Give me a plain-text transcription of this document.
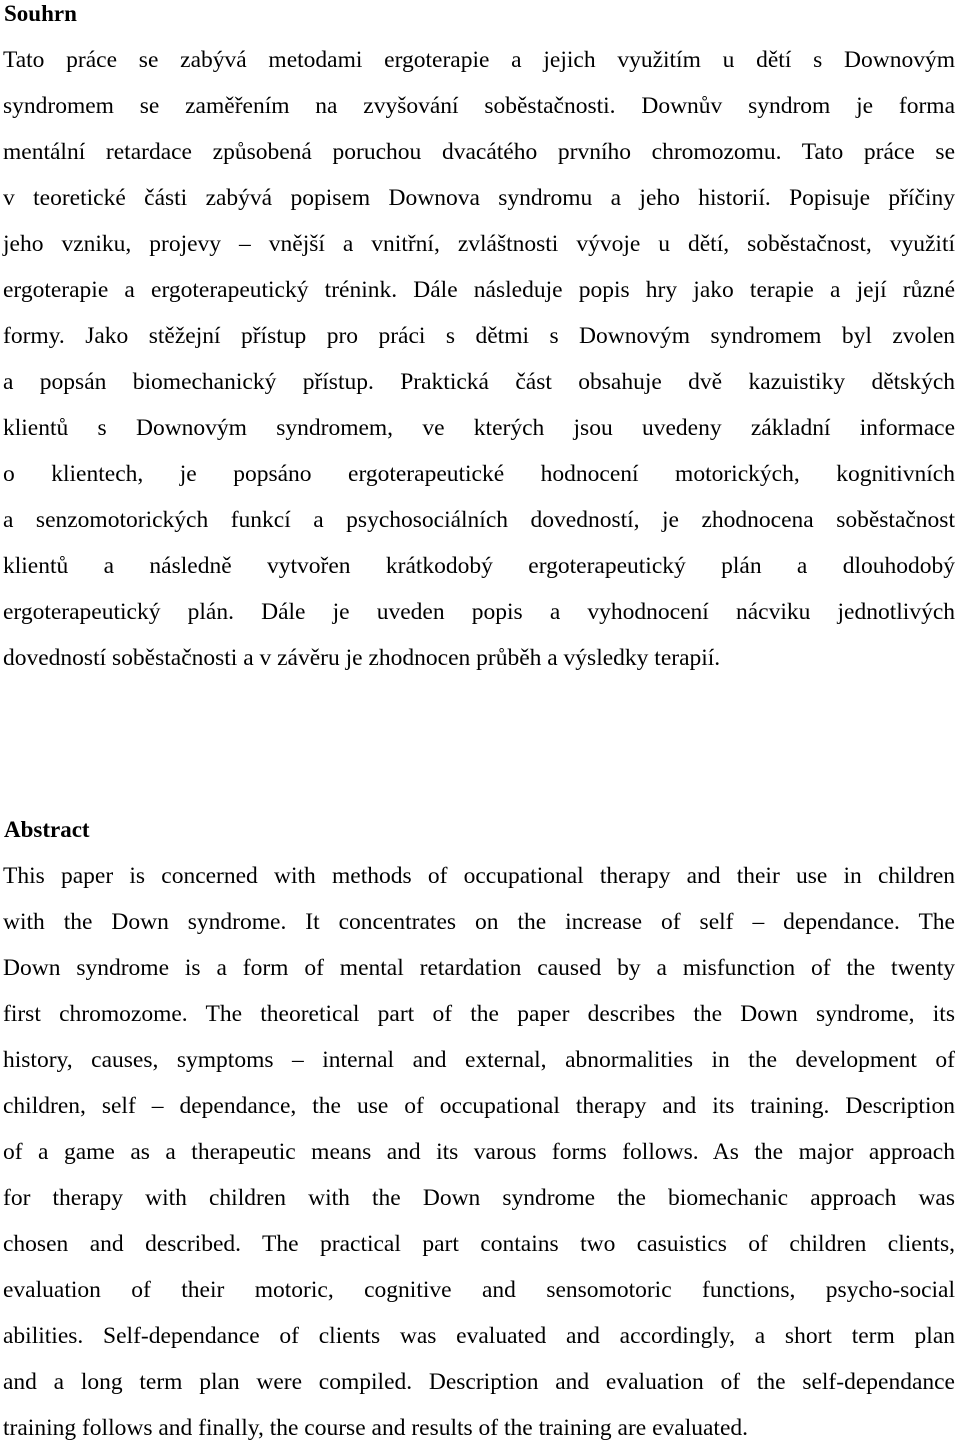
Souhrn
Tato práce se zabývá metodami ergoterapie a jejich využitím u dětí s Downovým
syndromem se zaměřením na zvyšování soběstačnosti. Downův syndrom je forma
mentální retardace způsobená poruchou dvacátého prvního chromozomu. Tato práce se
v teoretické části zabývá popisem Downova syndromu a jeho historií. Popisuje příčiny
jeho vzniku, projevy – vnější a vnitřní, zvláštnosti vývoje u dětí, soběstačnost, využití
ergoterapie a ergoterapeutický trénink. Dále následuje popis hry jako terapie a její různé
formy. Jako stěžejní přístup pro práci s dětmi s Downovým syndromem byl zvolen
a popsán biomechanický přístup. Praktická část obsahuje dvě kazuistiky dětských
klientů s Downovým syndromem, ve kterých jsou uvedeny základní informace
o klientech, je popsáno ergoterapeutické hodnocení motorických, kognitivních
a senzomotorických funkcí a psychosociálních dovedností, je zhodnocena soběstačnost
klientů a následně vytvořen krátkodobý ergoterapeutický plán a dlouhodobý
ergoterapeutický plán. Dále je uveden popis a vyhodnocení nácviku jednotlivých
dovedností soběstačnosti a v závěru je zhodnocen průběh a výsledky terapií.
Abstract
This paper is concerned with methods of occupational therapy and their use in children
with the Down syndrome. It concentrates on the increase of self – dependance. The
Down syndrome is a form of mental retardation caused by a misfunction of the twenty
first chromozome. The theoretical part of the paper describes the Down syndrome, its
history, causes, symptoms – internal and external, abnormalities in the development of
children, self – dependance, the use of occupational therapy and its training. Description
of a game as a therapeutic means and its varous forms follows. As the major approach
for therapy with children with the Down syndrome the biomechanic approach was
chosen and described. The practical part contains two casuistics of children clients,
evaluation of their motoric, cognitive and sensomotoric functions, psycho-social
abilities. Self-dependance of clients was evaluated and accordingly, a short term plan
and a long term plan were compiled. Description and evaluation of the self-dependance
training follows and finally, the course and results of the training are evaluated.
